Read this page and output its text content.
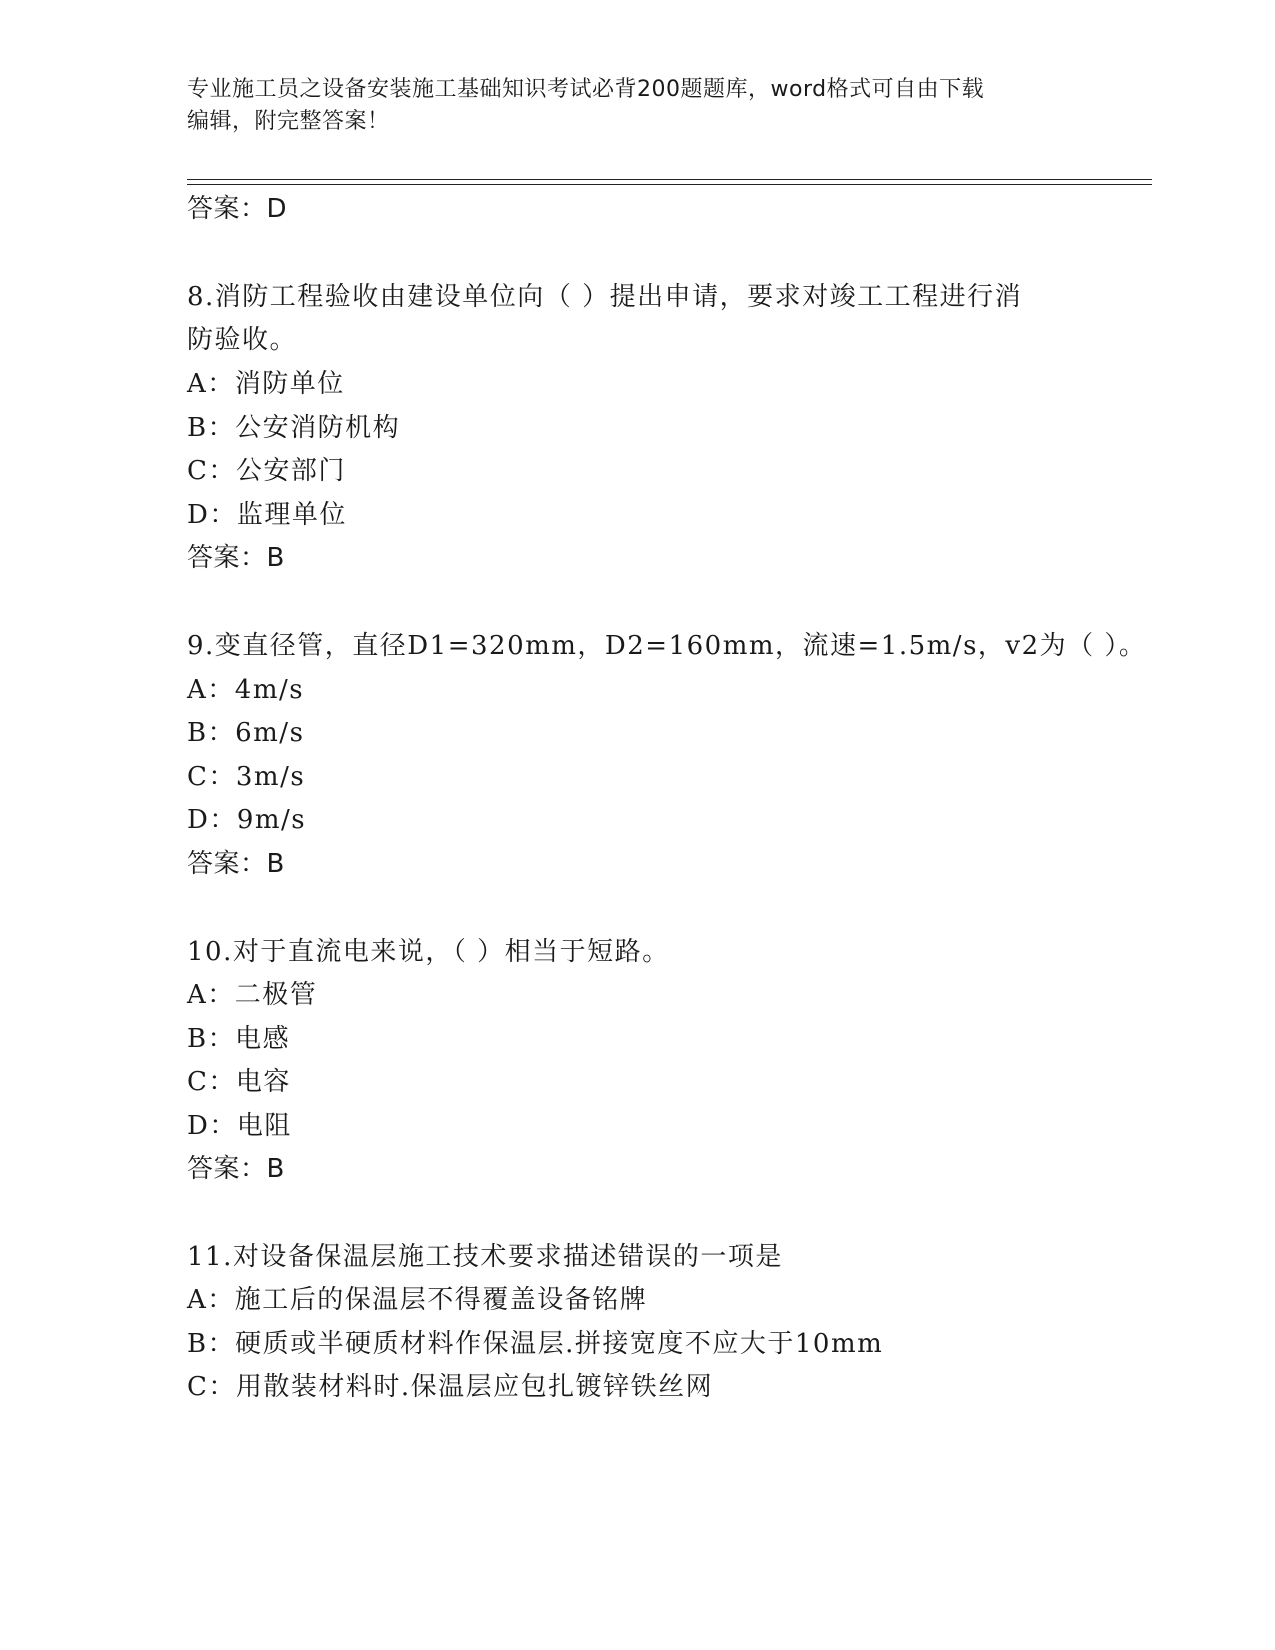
专业施工员之设备安装施工基础知识考试必背200题题库，word格式可自由下载
编辑，附完整答案！
答案：D
8.消防工程验收由建设单位向（ ）提出申请，要求对竣工工程进行消
防验收。
A：消防单位
B：公安消防机构
C：公安部门
D：监理单位
答案：B
9.变直径管，直径D1=320mm，D2=160mm，流速=1.5m/s，v2为（ ）。
A：4m/s
B：6m/s
C：3m/s
D：9m/s
答案：B
10.对于直流电来说，（ ）相当于短路。
A：二极管
B：电感
C：电容
D：电阻
答案：B
11.对设备保温层施工技术要求描述错误的一项是
A：施工后的保温层不得覆盖设备铭牌
B：硬质或半硬质材料作保温层.拼接宽度不应大于10mm
C：用散装材料时.保温层应包扎镀锌铁丝网
